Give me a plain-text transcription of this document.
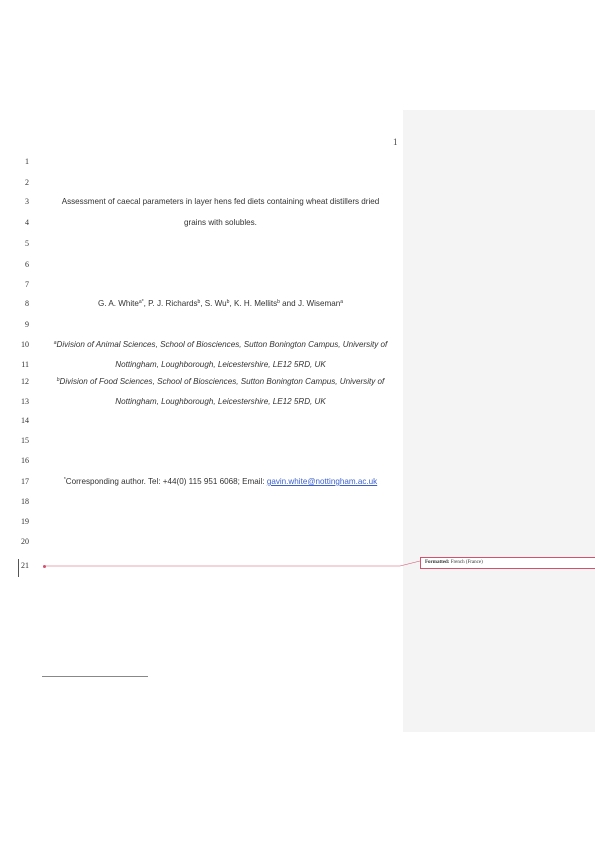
1
1
2
3
4
5
6
7
8
9
10
11
12
13
14
15
16
17
18
19
20
21
Assessment of caecal parameters in layer hens fed diets containing wheat distillers dried
grains with solubles.
G. A. White$^{a*}$, P. J. Richards$^b$, S. Wu$^b$, K. H. Mellits$^b$ and J. Wiseman$^a$
$^a$Division of Animal Sciences, School of Biosciences, Sutton Bonington Campus, University of
Nottingham, Loughborough, Leicestershire, LE12 5RD, UK
$^b$Division of Food Sciences, School of Biosciences, Sutton Bonington Campus, University of
Nottingham, Loughborough, Leicestershire, LE12 5RD, UK
*Corresponding author. Tel: +44(0) 115 951 6068; Email: gavin.white@nottingham.ac.uk
Formatted: French (France)
